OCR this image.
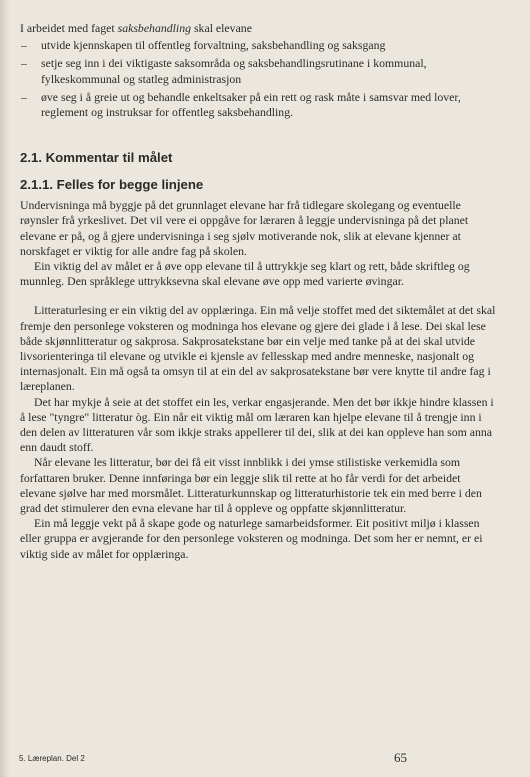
I arbeidet med faget saksbehandling skal elevane

– utvide kjennskapen til offentleg forvaltning, saksbehandling og saksgang
– setje seg inn i dei viktigaste saksområda og saksbehandlingsrutinane i kommunal, fylkeskommunal og statleg administrasjon
– øve seg i å greie ut og behandle enkeltsaker på ein rett og rask måte i samsvar med lover, reglement og instruksar for offentleg saksbehandling.
2.1. Kommentar til målet
2.1.1. Felles for begge linjene

Undervisninga må byggje på det grunnlaget elevane har frå tidlegare skolegang og eventuelle røynsler frå yrkeslivet. Det vil vere ei oppgåve for læraren å leggje undervisninga på det planet elevane er på, og å gjere undervisninga i seg sjølv motiverande nok, slik at elevane kjenner at norskfaget er viktig for alle andre fag på skolen.

Ein viktig del av målet er å øve opp elevane til å uttrykkje seg klart og rett, både skriftleg og munnleg. Den språklege uttrykksevna skal elevane øve opp med varierte øvingar.

Litteraturlesing er ein viktig del av opplæringa. Ein må velje stoffet med det siktemålet at det skal fremje den personlege voksteren og modninga hos elevane og gjere dei glade i å lese. Dei skal lese både skjønnlitteratur og sakprosa. Sakprosatekstane bør ein velje med tanke på at dei skal utvide livsorienteringa til elevane og utvikle ei kjensle av fellesskap med andre menneske, nasjonalt og internasjonalt. Ein må også ta omsyn til at ein del av sakprosatekstane bør vere knytte til andre fag i læreplanen.

Det har mykje å seie at det stoffet ein les, verkar engasjerande. Men det bør ikkje hindre klassen i å lese "tyngre" litteratur òg. Ein når eit viktig mål om læraren kan hjelpe elevane til å trengje inn i den delen av litteraturen vår som ikkje straks appellerer til dei, slik at dei kan oppleve han som anna enn daudt stoff.

Når elevane les litteratur, bør dei få eit visst innblikk i dei ymse stilistiske verkemidla som forfattaren bruker. Denne innføringa bør ein leggje slik til rette at ho får verdi for det arbeidet elevane sjølve har med morsmålet. Litteraturkunnskap og litteraturhistorie tek ein med berre i den grad det stimulerer den evna elevane har til å oppleve og oppfatte skjønnlitteratur.

Ein må leggje vekt på å skape gode og naturlege samarbeidsformer. Eit positivt miljø i klassen eller gruppa er avgjerande for den personlege voksteren og modninga. Det som her er nemnt, er ei viktig side av målet for opplæringa.

5. Læreplan. Del 2	65
